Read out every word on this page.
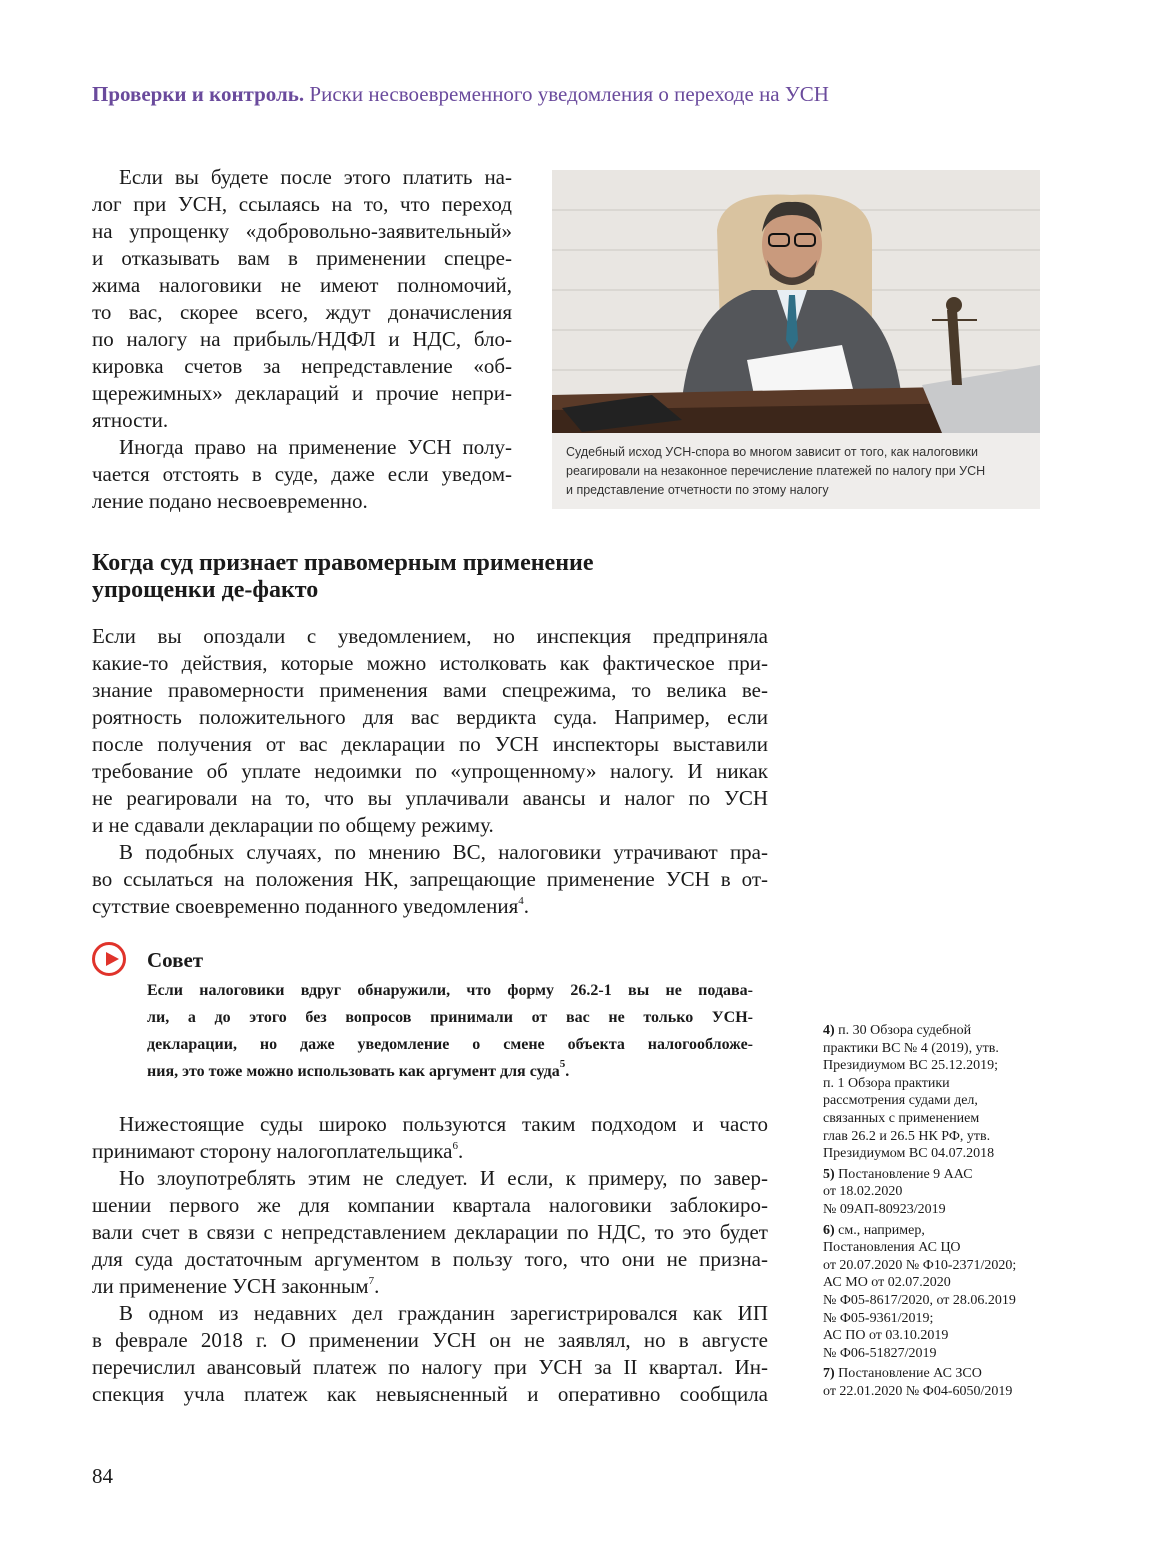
Проверки и контроль. Риски несвоевременного уведомления о переходе на УСН
Если вы будете после этого платить на-
лог при УСН, ссылаясь на то, что переход
на упрощенку «добровольно-заявительный»
и отказывать вам в применении спецре-
жима налоговики не имеют полномочий,
то вас, скорее всего, ждут доначисления
по налогу на прибыль/НДФЛ и НДС, бло-
кировка счетов за непредставление «об-
щережимных» деклараций и прочие непри-
ятности.
Иногда право на применение УСН полу-
чается отстоять в суде, даже если уведом-
ление подано несвоевременно.
Судебный исход УСН-спора во многом зависит от того, как налоговики
реагировали на незаконное перечисление платежей по налогу при УСН
и представление отчетности по этому налогу
Когда суд признает правомерным применение
упрощенки де-факто
Если вы опоздали с уведомлением, но инспекция предприняла
какие-то действия, которые можно истолковать как фактическое при-
знание правомерности применения вами спецрежима, то велика ве-
роятность положительного для вас вердикта суда. Например, если
после получения от вас декларации по УСН инспекторы выставили
требование об уплате недоимки по «упрощенному» налогу. И никак
не реагировали на то, что вы уплачивали авансы и налог по УСН
и не сдавали декларации по общему режиму.
В подобных случаях, по мнению ВС, налоговики утрачивают пра-
во ссылаться на положения НК, запрещающие применение УСН в от-
сутствие своевременно поданного уведомления$^4$.
Совет
Если налоговики вдруг обнаружили, что форму 26.2-1 вы не подава-
ли, а до этого без вопросов принимали от вас не только УСН-
декларации, но даже уведомление о смене объекта налогообложе-
ния, это тоже можно использовать как аргумент для суда$^5$.
Нижестоящие суды широко пользуются таким подходом и часто
принимают сторону налогоплательщика$^6$.
Но злоупотреблять этим не следует. И если, к примеру, по завер-
шении первого же для компании квартала налоговики заблокиро-
вали счет в связи с непредставлением декларации по НДС, то это будет
для суда достаточным аргументом в пользу того, что они не призна-
ли применение УСН законным$^7$.
В одном из недавних дел гражданин зарегистрировался как ИП
в феврале 2018 г. О применении УСН он не заявлял, но в августе
перечислил авансовый платеж по налогу при УСН за II квартал. Ин-
спекция учла платеж как невыясненный и оперативно сообщила
4) п. 30 Обзора судебной
практики ВС № 4 (2019), утв.
Президиумом ВС 25.12.2019;
п. 1 Обзора практики
рассмотрения судами дел,
связанных с применением
глав 26.2 и 26.5 НК РФ, утв.
Президиумом ВС 04.07.2018
5) Постановление 9 ААС
от 18.02.2020
№ 09АП-80923/2019
6) см., например,
Постановления АС ЦО
от 20.07.2020 № Ф10-2371/2020;
АС МО от 02.07.2020
№ Ф05-8617/2020, от 28.06.2019
№ Ф05-9361/2019;
АС ПО от 03.10.2019
№ Ф06-51827/2019
7) Постановление АС ЗСО
от 22.01.2020 № Ф04-6050/2019
84
